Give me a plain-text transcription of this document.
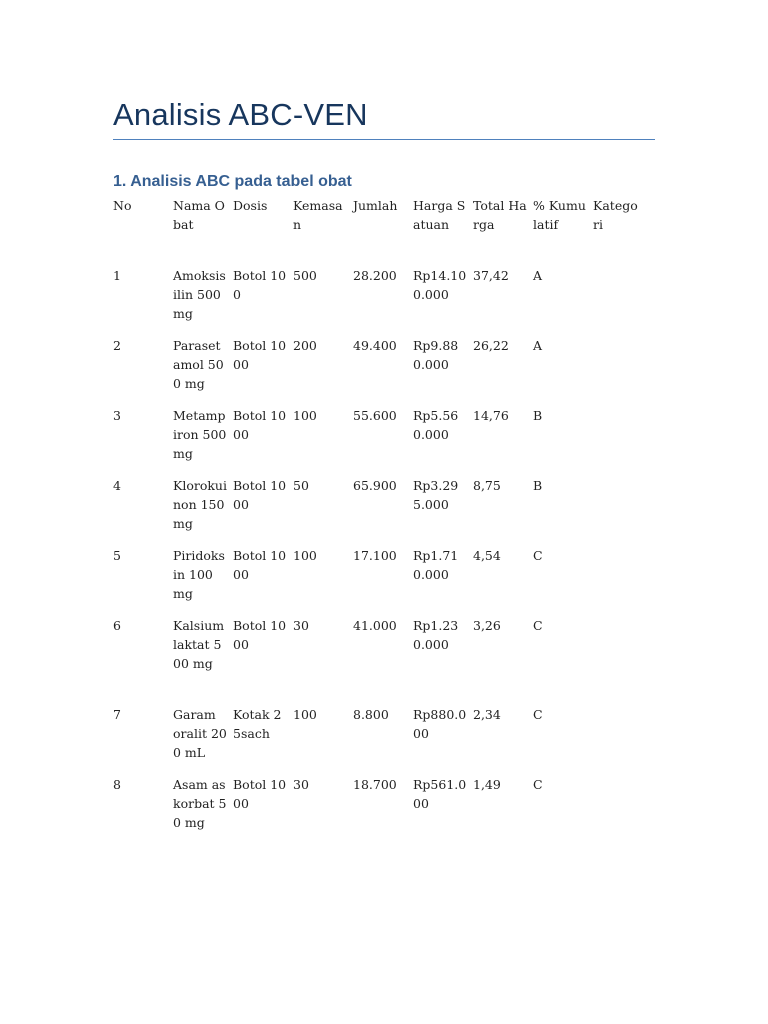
Analisis ABC-VEN
1. Analisis ABC pada tabel obat
No	Nama Obat	Dosis	Kemasan	Jumlah	Harga Satuan	Total Harga	% Kumulatif	Kategori

1	Amoksisilin 500 mg	Botol 100	500	28.200	Rp14.100.000	37,42	A	

2	Parasetamol 500 mg	Botol 1000	200	49.400	Rp9.880.000	26,22	A	

3	Metampiron 500 mg	Botol 1000	100	55.600	Rp5.560.000	14,76	B	

4	Klorokuinon 150 mg	Botol 1000	50	65.900	Rp3.295.000	8,75	B	

5	Piridoksin 100 mg	Botol 1000	100	17.100	Rp1.710.000	4,54	C	

6	Kalsium laktat 500 mg	Botol 1000	30	41.000	Rp1.230.000	3,26	C	

7	Garam oralit 200 mL	Kotak 25sach	100	8.800	Rp880.000	2,34	C	

8	Asam askorbat 50 mg	Botol 1000	30	18.700	Rp561.000	1,49	C	
